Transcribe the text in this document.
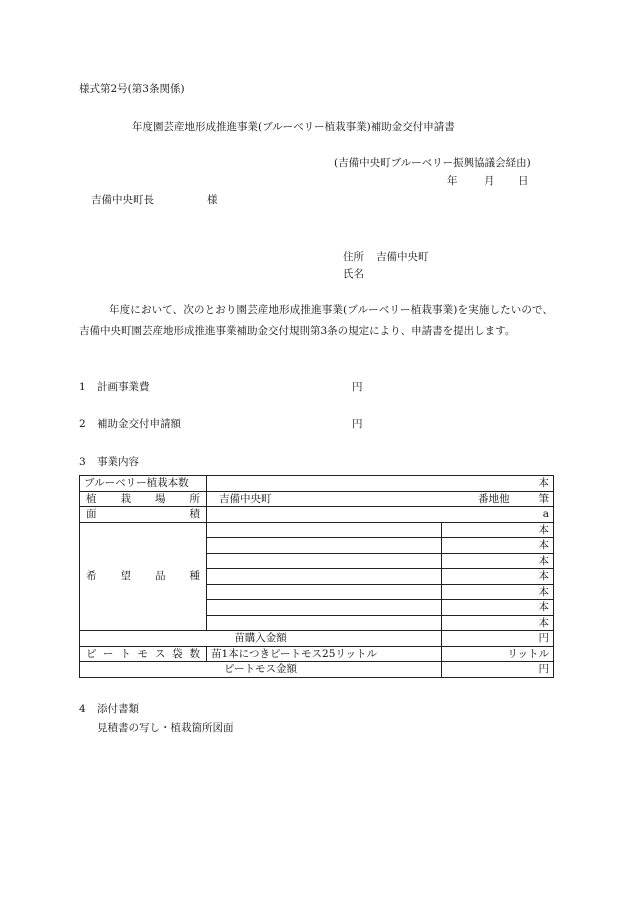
様式第2号(第3条関係)
年度園芸産地形成推進事業(ブルーベリー植栽事業)補助金交付申請書
(吉備中央町ブルーベリー振興協議会経由)
年	月 日
吉備中央町長	様
住所 吉備中央町
氏名
年度において、次のとおり園芸産地形成推進事業(ブルーベリー植栽事業)を実施したいので、吉備中央町園芸産地形成推進事業補助金交付規則第3条の規定により、申請書を提出します。
1 計画事業費	円
2 補助金交付申請額	円
3 事業内容
ブルーベリー植栽本数	本	
植　栽　場　所	吉備中央町 番地他 筆	

面　　　　積	a	
希　望　品　種		本
		本
		本
		本
		本
		本
		本
苗購入金額		円
ピートモス袋数	苗1本につきピートモス25リットル	リットル
ピートモス金額		円
4 添付書類
見積書の写し・植栽箇所図面
